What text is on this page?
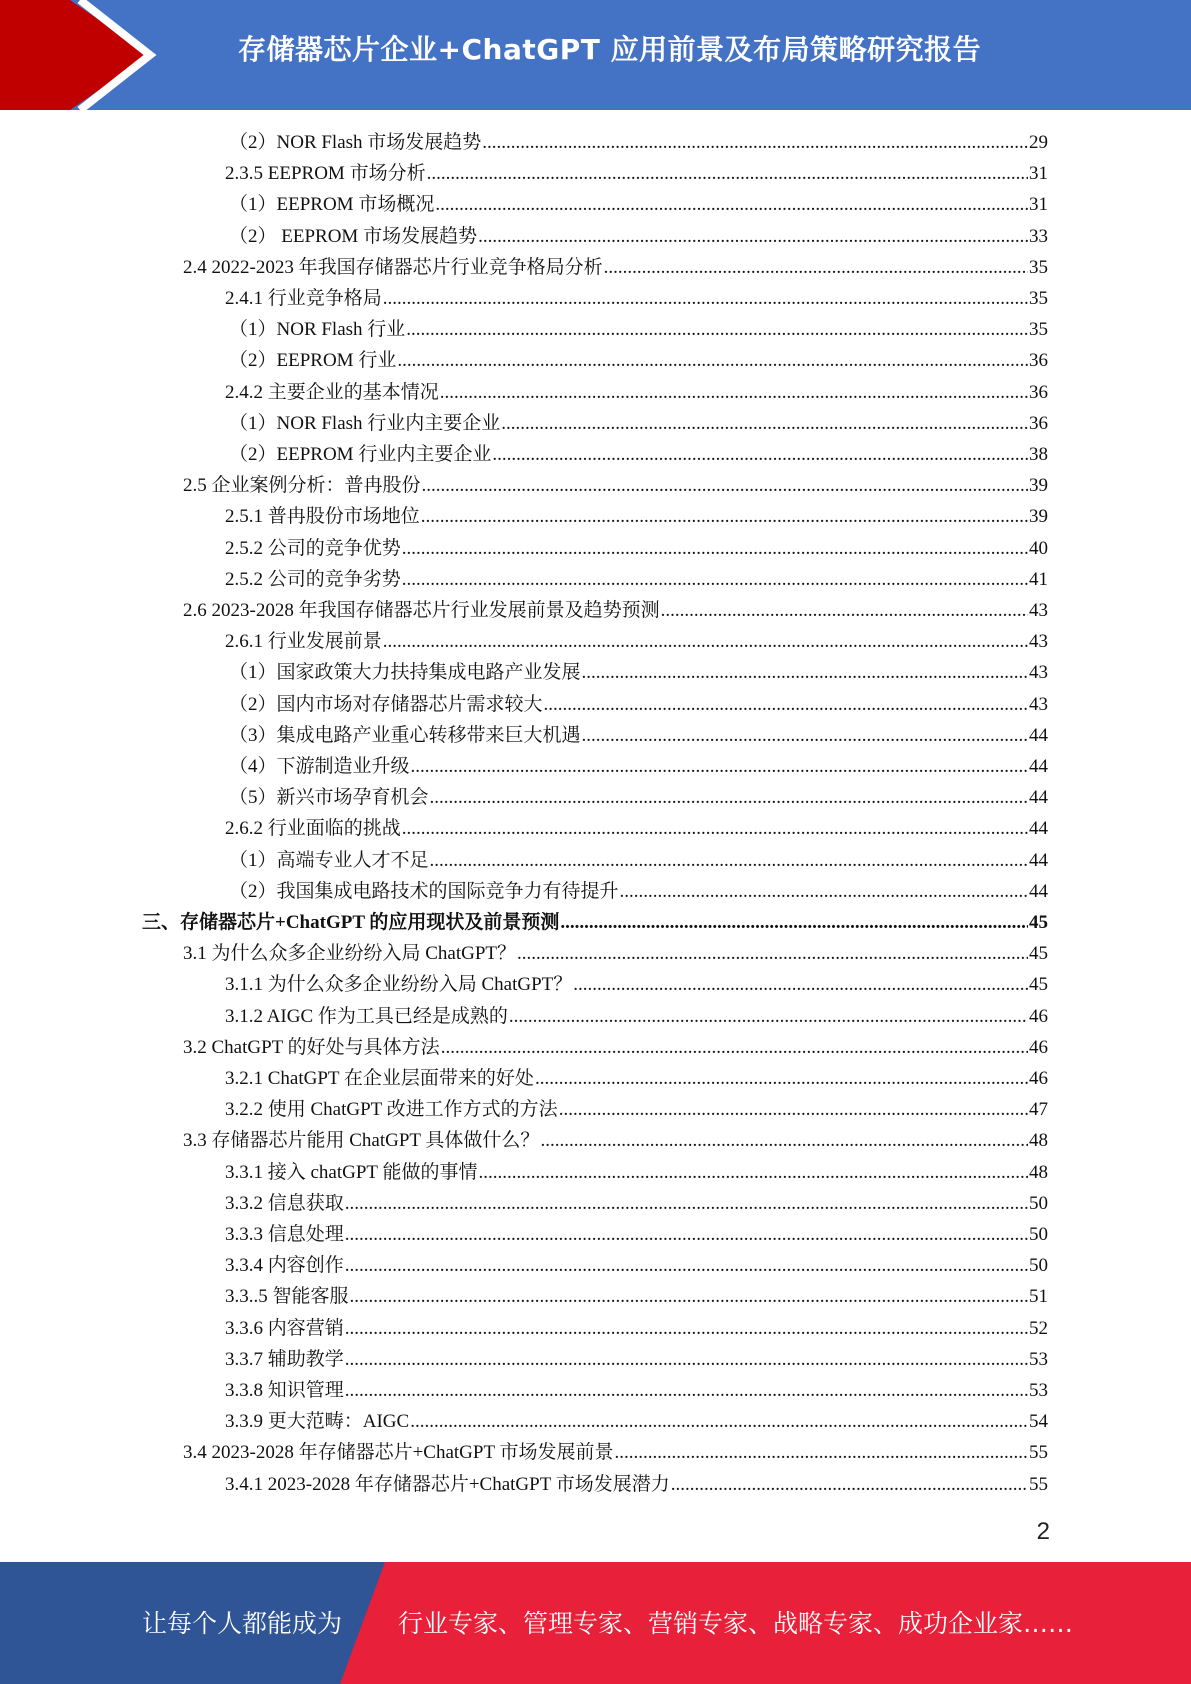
存储器芯片企业+ChatGPT 应用前景及布局策略研究报告
（2）NOR Flash 市场发展趋势 .....	29
2.3.5 EEPROM 市场分析 .....	31
（1）EEPROM 市场概况 .....	31
（2） EEPROM 市场发展趋势 .....	33
2.4 2022-2023 年我国存储器芯片行业竞争格局分析 .....	35
2.4.1 行业竞争格局 .....	35
（1）NOR Flash 行业 .....	35
（2）EEPROM 行业 .....	36
2.4.2 主要企业的基本情况 .....	36
（1）NOR Flash 行业内主要企业 .....	36
（2）EEPROM 行业内主要企业 .....	38
2.5 企业案例分析：普冉股份 .....	39
2.5.1 普冉股份市场地位 .....	39
2.5.2 公司的竞争优势 .....	40
2.5.2 公司的竞争劣势 .....	41
2.6 2023-2028 年我国存储器芯片行业发展前景及趋势预测 .....	43
2.6.1 行业发展前景 .....	43
（1）国家政策大力扶持集成电路产业发展 .....	43
（2）国内市场对存储器芯片需求较大 .....	43
（3）集成电路产业重心转移带来巨大机遇 .....	44
（4）下游制造业升级 .....	44
（5）新兴市场孕育机会 .....	44
2.6.2 行业面临的挑战 .....	44
（1）高端专业人才不足 .....	44
（2）我国集成电路技术的国际竞争力有待提升 .....	44
三、存储器芯片+ChatGPT 的应用现状及前景预测 .....	45
3.1 为什么众多企业纷纷入局 ChatGPT？ .....	45
3.1.1 为什么众多企业纷纷入局 ChatGPT？ .....	45
3.1.2 AIGC 作为工具已经是成熟的 .....	46
3.2 ChatGPT 的好处与具体方法 .....	46
3.2.1 ChatGPT 在企业层面带来的好处 .....	46
3.2.2 使用 ChatGPT 改进工作方式的方法 .....	47
3.3 存储器芯片能用 ChatGPT 具体做什么？ .....	48
3.3.1 接入 chatGPT 能做的事情 .....	48
3.3.2 信息获取 .....	50
3.3.3 信息处理 .....	50
3.3.4 内容创作 .....	50
3.3..5 智能客服 .....	51
3.3.6 内容营销 .....	52
3.3.7 辅助教学 .....	53
3.3.8 知识管理 .....	53
3.3.9 更大范畴：AIGC .....	54
3.4 2023-2028 年存储器芯片+ChatGPT 市场发展前景 .....	55
3.4.1 2023-2028 年存储器芯片+ChatGPT 市场发展潜力 .....	55
2
让每个人都能成为 行业专家、管理专家、营销专家、战略专家、成功企业家……
